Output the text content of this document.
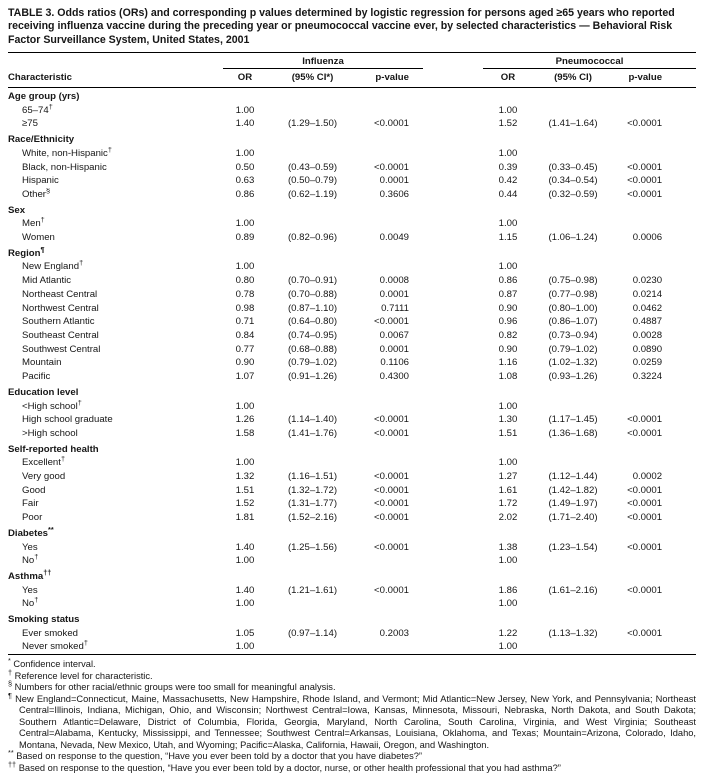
TABLE 3. Odds ratios (ORs) and corresponding p values determined by logistic regression for persons aged ≥65 years who reported receiving influenza vaccine during the preceding year or pneumococcal vaccine ever, by selected characteristics — Behavioral Risk Factor Surveillance System, United States, 2001
	Influenza				Pneumococcal		
Characteristic	OR	(95% CI*)	p-value		OR	(95% CI)	p-value
Age group (yrs)							
65–74†	1.00				1.00		
≥75	1.40	(1.29–1.50)	<0.0001		1.52	(1.41–1.64)	<0.0001
Race/Ethnicity							
White, non-Hispanic†	1.00				1.00		
Black, non-Hispanic	0.50	(0.43–0.59)	<0.0001		0.39	(0.33–0.45)	<0.0001
Hispanic	0.63	(0.50–0.79)	0.0001		0.42	(0.34–0.54)	<0.0001
Other§	0.86	(0.62–1.19)	0.3606		0.44	(0.32–0.59)	<0.0001
Sex							
Men†	1.00				1.00		
Women	0.89	(0.82–0.96)	0.0049		1.15	(1.06–1.24)	0.0006
Region¶
New England†	1.00				1.00		
Mid Atlantic	0.80	(0.70–0.91)	0.0008		0.86	(0.75–0.98)	0.0230
Northeast Central	0.78	(0.70–0.88)	0.0001		0.87	(0.77–0.98)	0.0214
Northwest Central	0.98	(0.87–1.10)	0.7111		0.90	(0.80–1.00)	0.0462
Southern Atlantic	0.71	(0.64–0.80)	<0.0001		0.96	(0.86–1.07)	0.4887
Southeast Central	0.84	(0.74–0.95)	0.0067		0.82	(0.73–0.94)	0.0028
Southwest Central	0.77	(0.68–0.88)	0.0001		0.90	(0.79–1.02)	0.0890
Mountain	0.90	(0.79–1.02)	0.1106		1.16	(1.02–1.32)	0.0259
Pacific	1.07	(0.91–1.26)	0.4300		1.08	(0.93–1.26)	0.3224
Education level							
<High school†	1.00				1.00		
High school graduate	1.26	(1.14–1.40)	<0.0001		1.30	(1.17–1.45)	<0.0001
>High school	1.58	(1.41–1.76)	<0.0001		1.51	(1.36–1.68)	<0.0001
Self-reported health							
Excellent†	1.00				1.00		
Very good	1.32	(1.16–1.51)	<0.0001		1.27	(1.12–1.44)	0.0002
Good	1.51	(1.32–1.72)	<0.0001		1.61	(1.42–1.82)	<0.0001
Fair	1.52	(1.31–1.77)	<0.0001		1.72	(1.49–1.97)	<0.0001
Poor	1.81	(1.52–2.16)	<0.0001		2.02	(1.71–2.40)	<0.0001
Diabetes**
Yes	1.40	(1.25–1.56)	<0.0001		1.38	(1.23–1.54)	<0.0001
No†	1.00				1.00		
Asthma††
Yes	1.40	(1.21–1.61)	<0.0001		1.86	(1.61–2.16)	<0.0001
No†	1.00				1.00		
Smoking status							
Ever smoked	1.05	(0.97–1.14)	0.2003		1.22	(1.13–1.32)	<0.0001
Never smoked†	1.00				1.00		
* Confidence interval.
† Reference level for characteristic.
§ Numbers for other racial/ethnic groups were too small for meaningful analysis.
¶ New England=Connecticut, Maine, Massachusetts, New Hampshire, Rhode Island, and Vermont; Mid Atlantic=New Jersey, New York, and Pennsylvania; Northeast Central=Illinois, Indiana, Michigan, Ohio, and Wisconsin; Northwest Central=Iowa, Kansas, Minnesota, Missouri, Nebraska, North Dakota, and South Dakota; Southern Atlantic=Delaware, District of Columbia, Florida, Georgia, Maryland, North Carolina, South Carolina, Virginia, and West Virginia; Southeast Central=Alabama, Kentucky, Mississippi, and Tennessee; Southwest Central=Arkansas, Louisiana, Oklahoma, and Texas; Mountain=Arizona, Colorado, Idaho, Montana, Nevada, New Mexico, Utah, and Wyoming; Pacific=Alaska, California, Hawaii, Oregon, and Washington.
** Based on response to the question, “Have you ever been told by a doctor that you have diabetes?”
†† Based on response to the question, “Have you ever been told by a doctor, nurse, or other health professional that you had asthma?”
